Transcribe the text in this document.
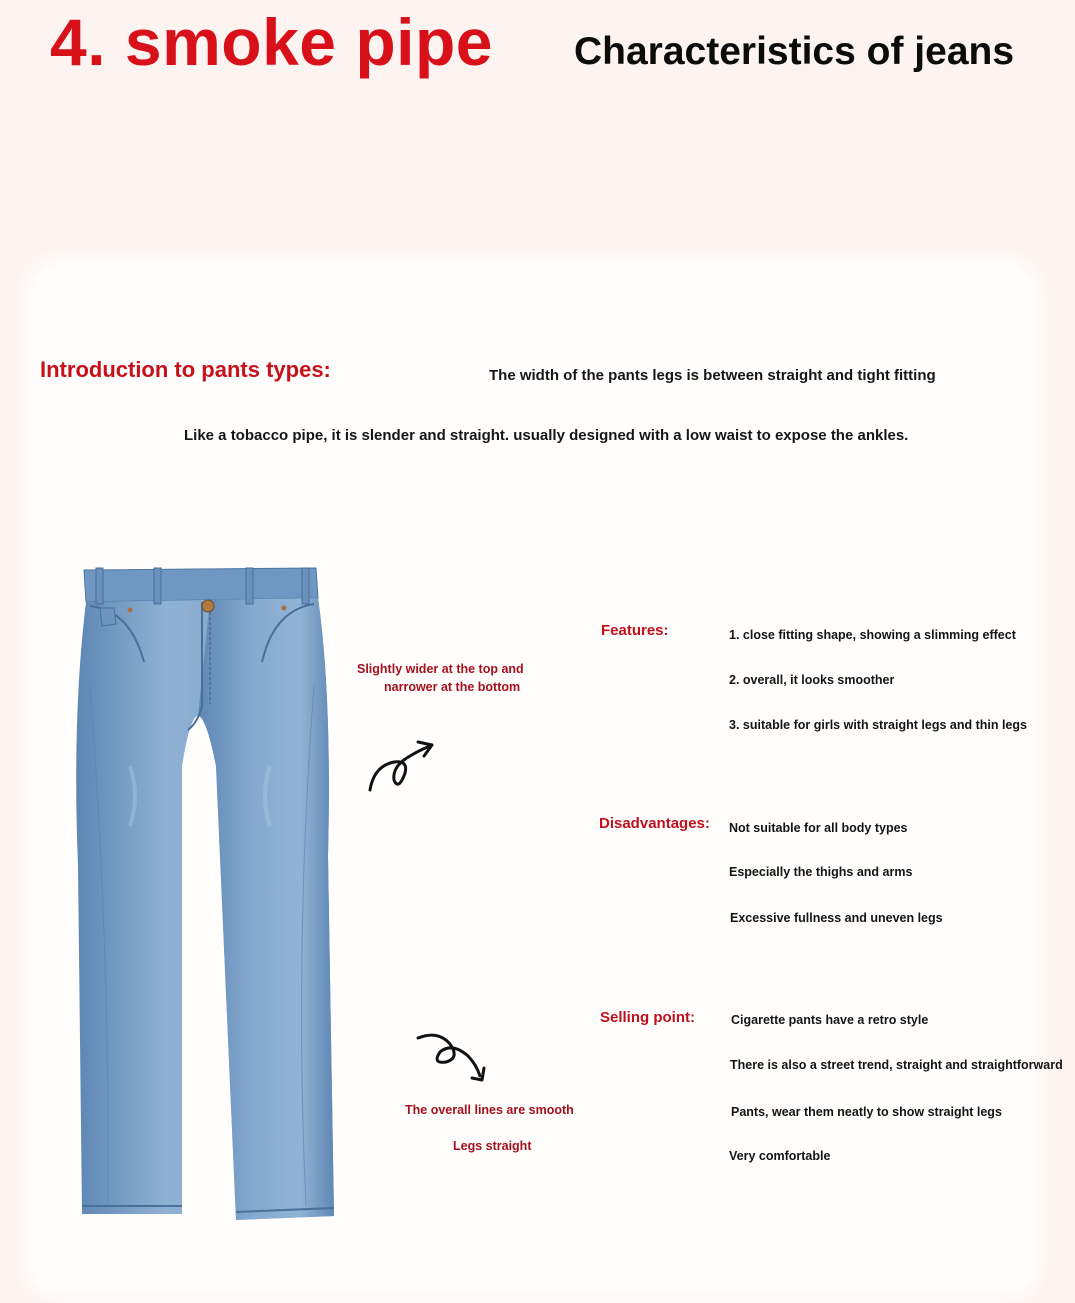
4. smoke pipe Characteristics of jeans
Introduction to pants types:	The width of the pants legs is between straight and tight fitting
Like a tobacco pipe, it is slender and straight. usually designed with a low waist to expose the ankles.
Slightly wider at the top and
narrower at the bottom
The overall lines are smooth
Legs straight
Features:	1. close fitting shape, showing a slimming effect
2. overall, it looks smoother
3. suitable for girls with straight legs and thin legs
Disadvantages: Not suitable for all body types
Especially the thighs and arms
Excessive fullness and uneven legs
Selling point:	Cigarette pants have a retro style
There is also a street trend, straight and straightforward
Pants, wear them neatly to show straight legs
Very comfortable
